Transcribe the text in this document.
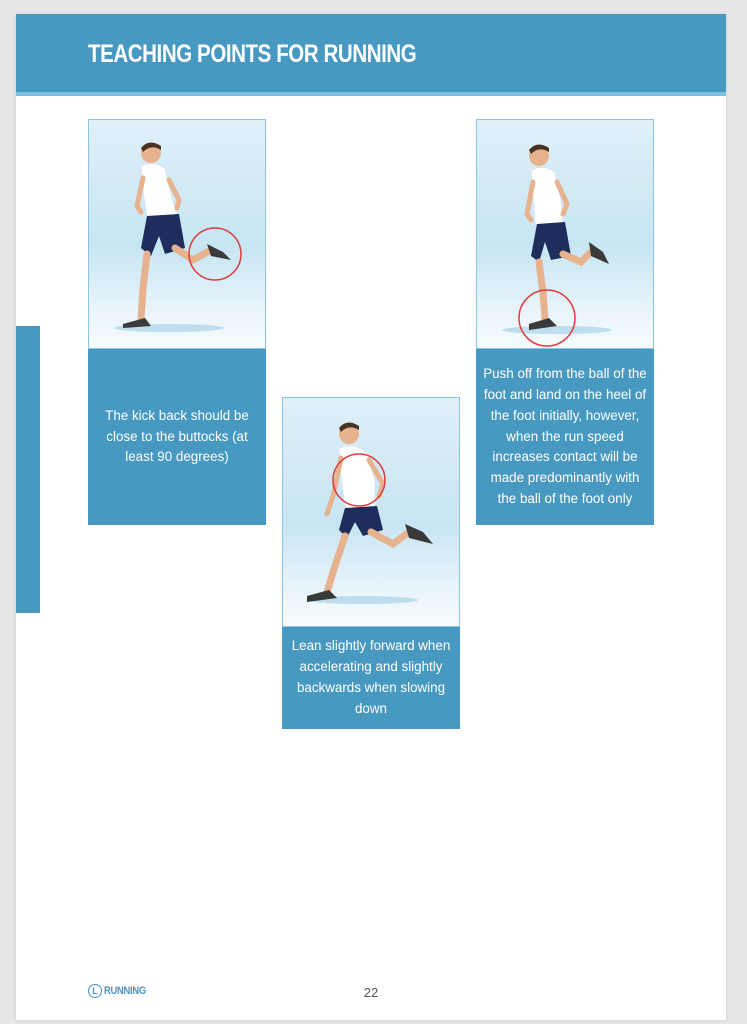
TEACHING POINTS FOR RUNNING
The kick back should be close to the buttocks (at least 90 degrees)
Lean slightly forward when accelerating and slightly backwards when slowing down
Push off from the ball of the foot and land on the heel of the foot initially, however, when the run speed increases contact will be made predominantly with the ball of the foot only
L RUNNING	22
